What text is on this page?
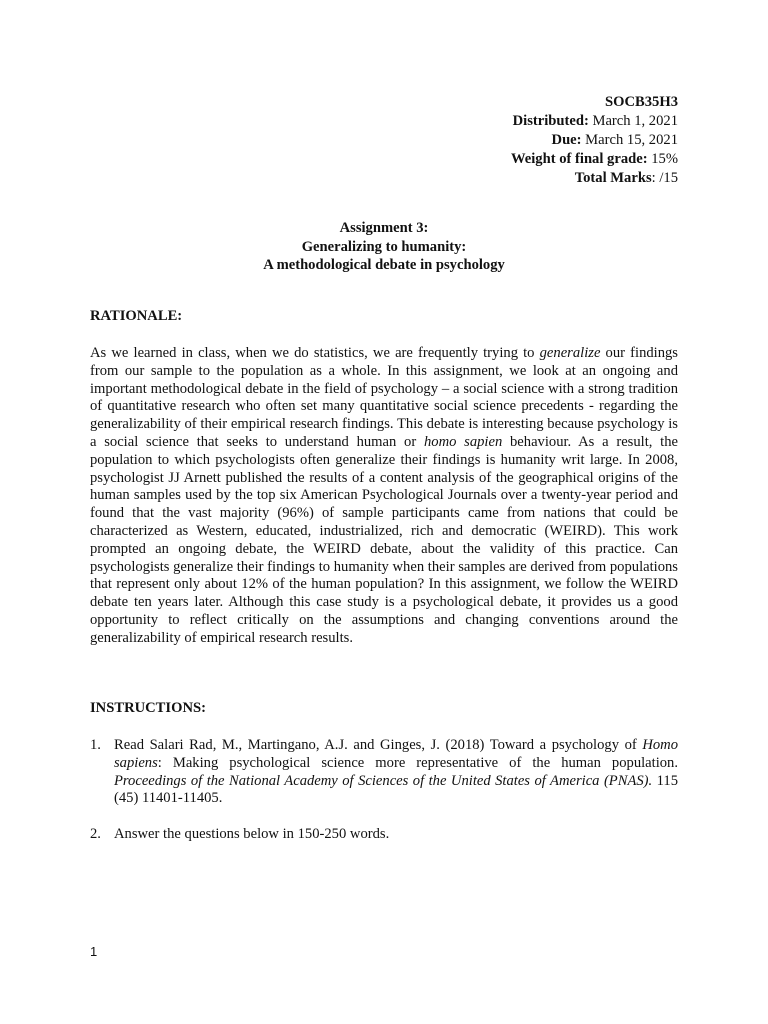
SOCB35H3
Distributed: March 1, 2021
Due: March 15, 2021
Weight of final grade: 15%
Total Marks: /15
Assignment 3:
Generalizing to humanity:
A methodological debate in psychology
RATIONALE:
As we learned in class, when we do statistics, we are frequently trying to generalize our findings from our sample to the population as a whole. In this assignment, we look at an ongoing and important methodological debate in the field of psychology – a social science with a strong tradition of quantitative research who often set many quantitative social science precedents - regarding the generalizability of their empirical research findings. This debate is interesting because psychology is a social science that seeks to understand human or homo sapien behaviour. As a result, the population to which psychologists often generalize their findings is humanity writ large. In 2008, psychologist JJ Arnett published the results of a content analysis of the geographical origins of the human samples used by the top six American Psychological Journals over a twenty-year period and found that the vast majority (96%) of sample participants came from nations that could be characterized as Western, educated, industrialized, rich and democratic (WEIRD). This work prompted an ongoing debate, the WEIRD debate, about the validity of this practice. Can psychologists generalize their findings to humanity when their samples are derived from populations that represent only about 12% of the human population? In this assignment, we follow the WEIRD debate ten years later. Although this case study is a psychological debate, it provides us a good opportunity to reflect critically on the assumptions and changing conventions around the generalizability of empirical research results.
INSTRUCTIONS:
1. Read Salari Rad, M., Martingano, A.J. and Ginges, J. (2018) Toward a psychology of Homo sapiens: Making psychological science more representative of the human population. Proceedings of the National Academy of Sciences of the United States of America (PNAS). 115 (45) 11401-11405.
2. Answer the questions below in 150-250 words.
1
